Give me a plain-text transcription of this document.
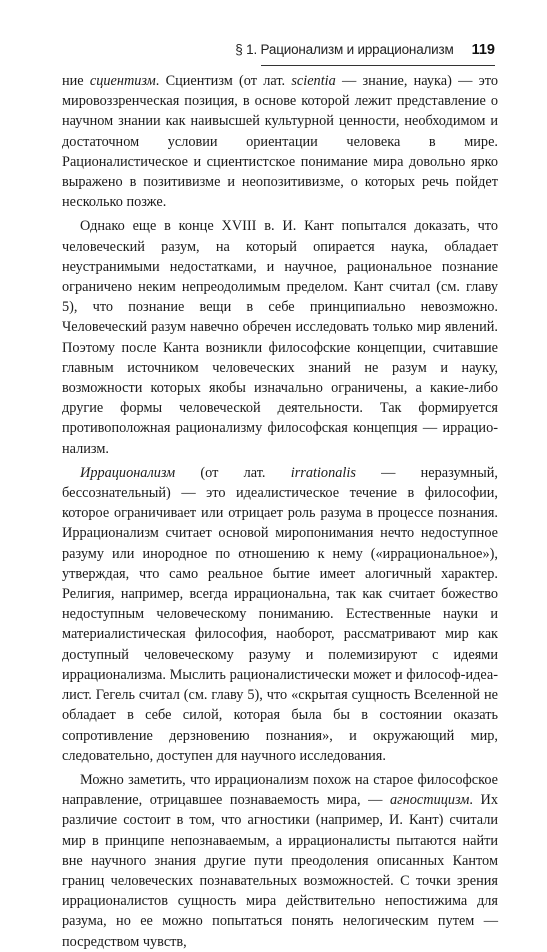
§ 1. Рационализм и иррационализм 119

ние сциентизм. Сциентизм (от лат. scientia — знание, наука) — это мировоззренческая позиция, в основе которой лежит представление о научном знании как наивысшей культурной ценности, необходимом и достаточном условии ориентации человека в мире. Рационалистическое и сциентистское понимание мира довольно ярко выражено в позитивизме и неопозитивизме, о которых речь пойдет несколько позже.

Однако еще в конце XVIII в. И. Кант попытался доказать, что человеческий разум, на который опирается наука, обладает неустранимыми недостатками, и научное, рациональное познание ограничено неким непреодолимым пределом. Кант считал (см. главу 5), что познание вещи в себе принципиально невозможно. Человеческий разум навечно обречен исследовать только мир явлений. Поэтому после Канта возникли философские концепции, считавшие главным источником человеческих знаний не разум и науку, возможности которых якобы изначально ограничены, а какие-либо другие формы человеческой деятельности. Так формируется противоположная рационализму философская концепция — иррационализм.

Иррационализм (от лат. irrationalis — неразумный, бессознательный) — это идеалистическое течение в философии, которое ограничивает или отрицает роль разума в процессе познания. Иррационализм считает основой миропонимания нечто недоступное разуму или инородное по отношению к нему («иррациональное»), утверждая, что само реальное бытие имеет алогичный характер. Религия, например, всегда иррациональна, так как считает божество недоступным человеческому пониманию. Естественные науки и материалистическая философия, наоборот, рассматривают мир как доступный человеческому разуму и полемизируют с идеями иррационализма. Мыслить рационалистически может и философ-идеалист. Гегель считал (см. главу 5), что «скрытая сущность Вселенной не обладает в себе силой, которая была бы в состоянии оказать сопротивление дерзновению познания», и окружающий мир, следовательно, доступен для научного исследования.

Можно заметить, что иррационализм похож на старое философское направление, отрицавшее познаваемость мира, — агностицизм. Их различие состоит в том, что агностики (например, И. Кант) считали мир в принципе непознаваемым, а иррационалисты пытаются найти вне научного знания другие пути преодоления описанных Кантом границ человеческих познавательных возможностей. С точки зрения иррационалистов сущность мира действительно непостижима для разума, но ее можно попытаться понять нелогическим путем — посредством чувств,
